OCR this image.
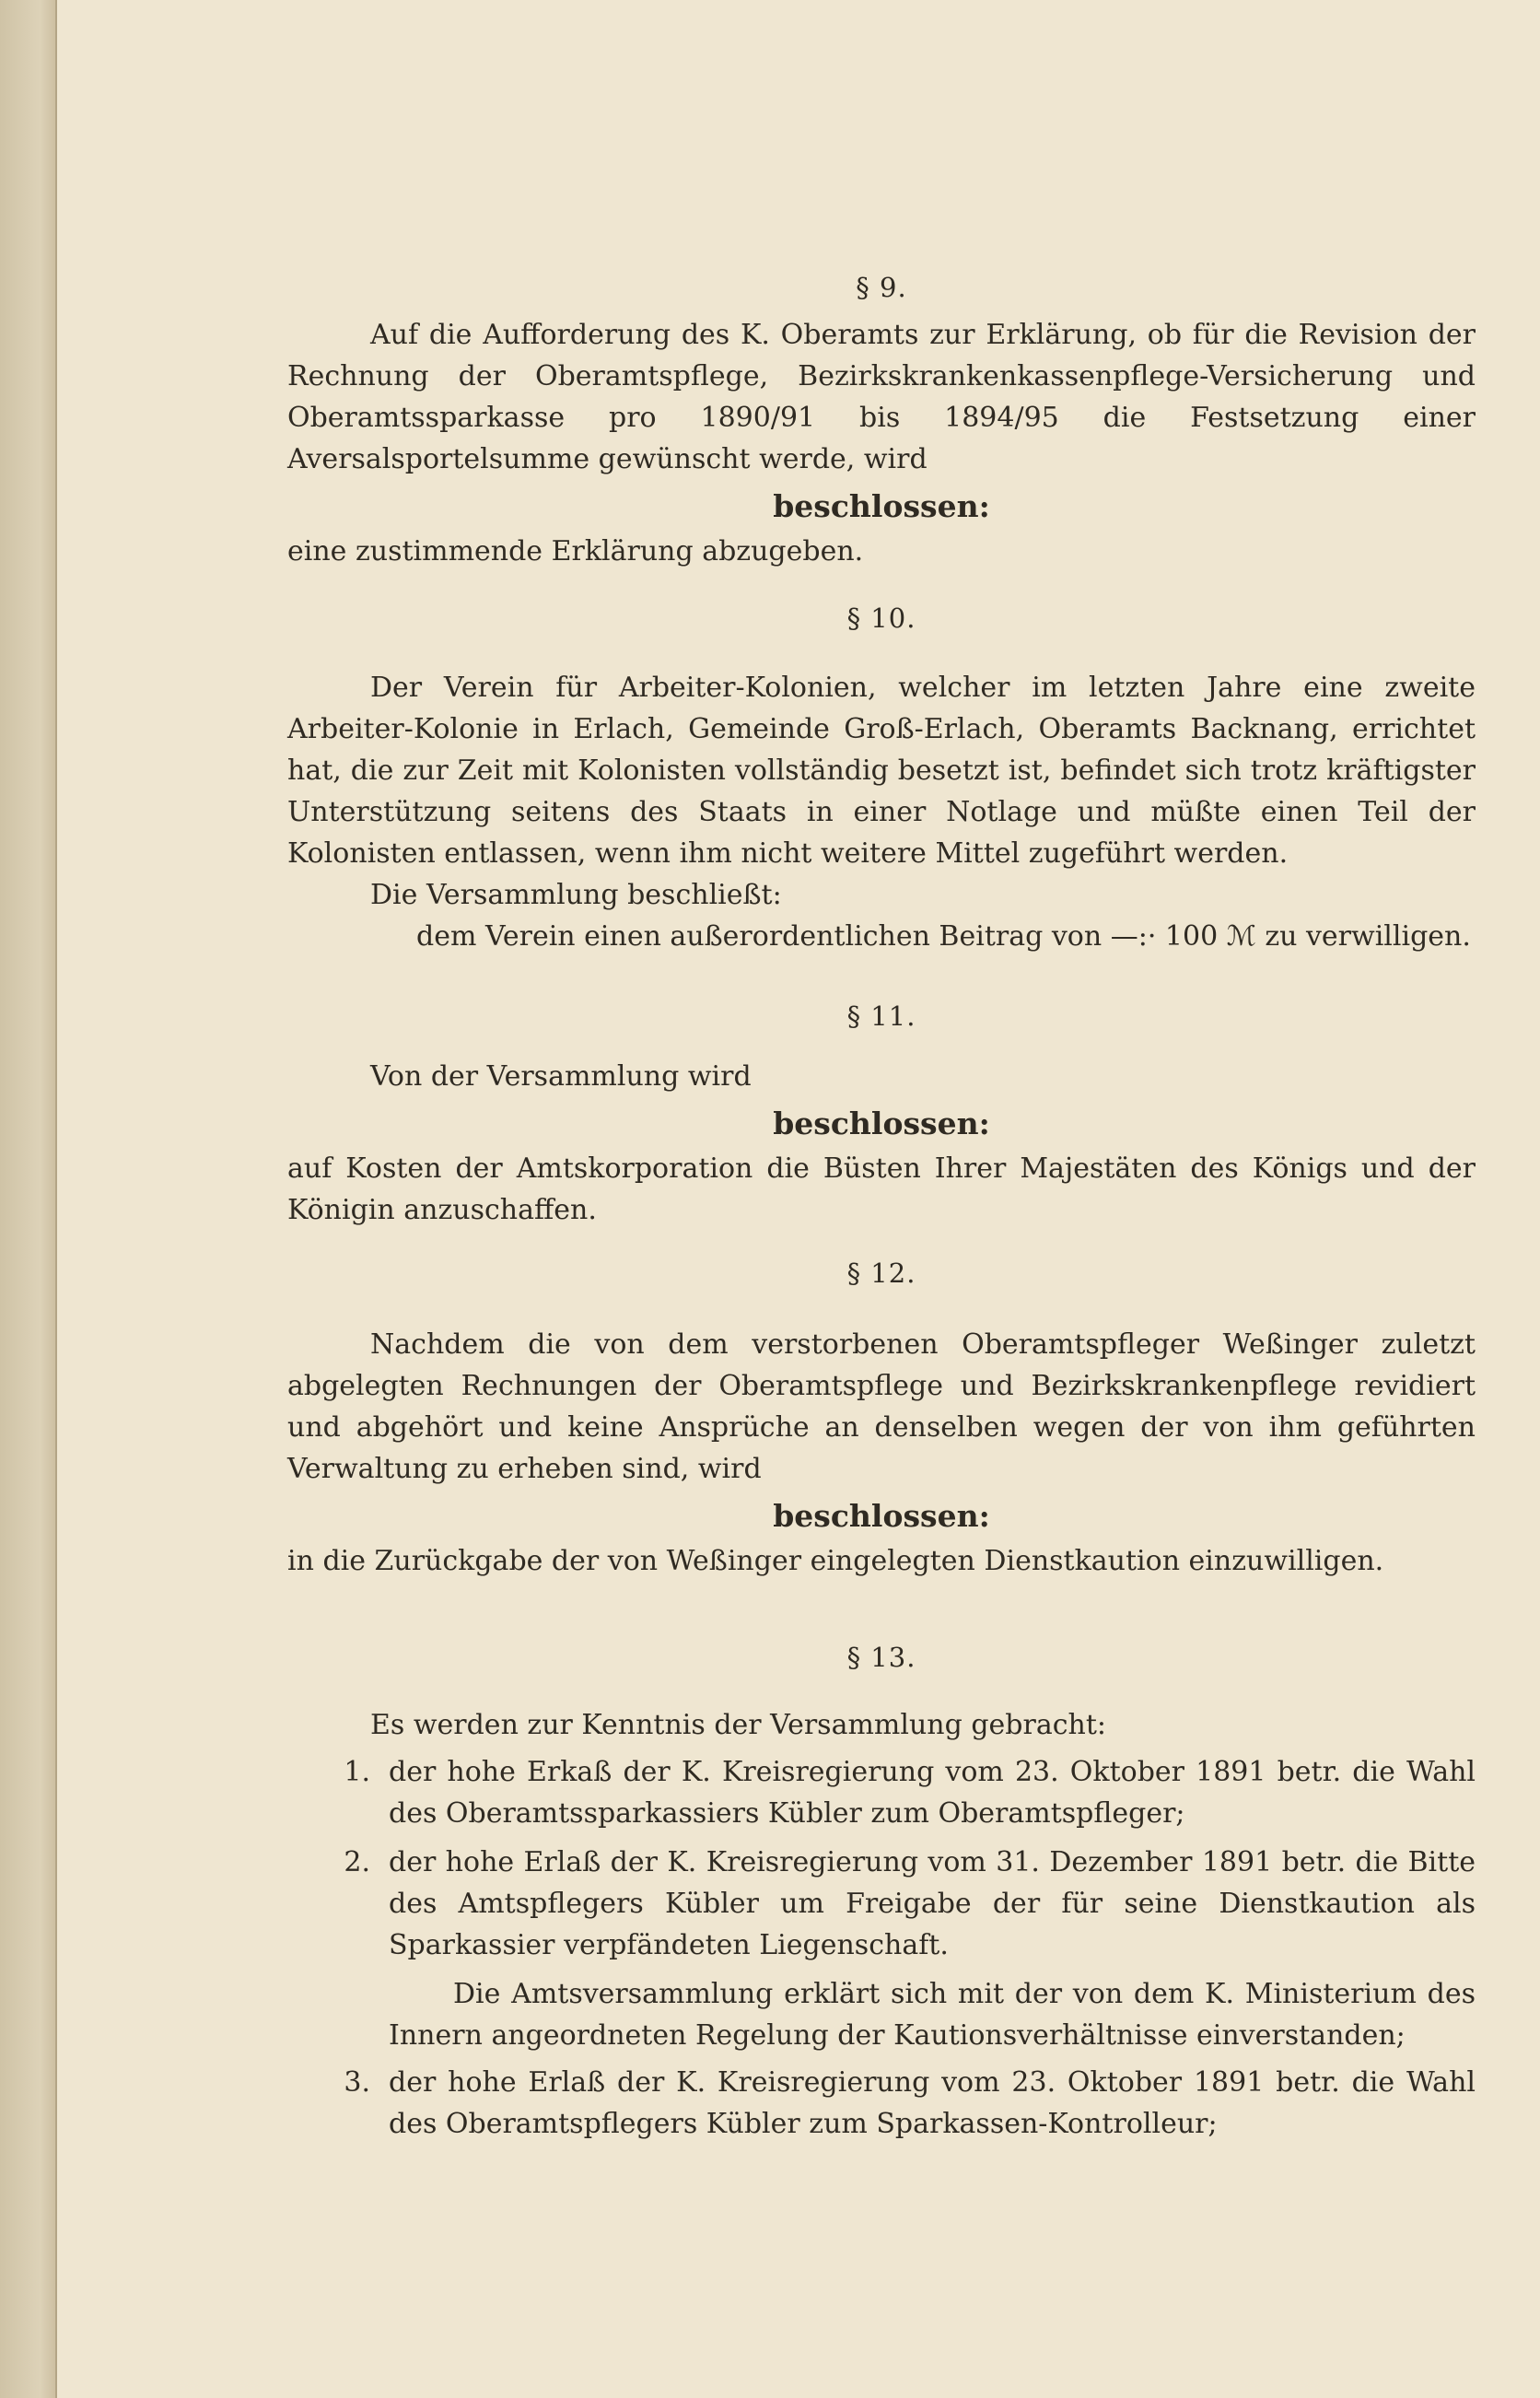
§ 9.

Auf die Aufforderung des K. Oberamts zur Erklärung, ob für die Revision der Rechnung der Oberamtspflege, Bezirkskrankenkassenpflege-Versicherung und Oberamtssparkasse pro 1890/91 bis 1894/95 die Festsetzung einer Aversalsportelsumme gewünscht werde, wird

beschlossen:

eine zustimmende Erklärung abzugeben.

§ 10.

Der Verein für Arbeiter-Kolonien, welcher im letzten Jahre eine zweite Arbeiter-Kolonie in Erlach, Gemeinde Groß-Erlach, Oberamts Backnang, errichtet hat, die zur Zeit mit Kolonisten vollständig besetzt ist, befindet sich trotz kräftigster Unterstützung seitens des Staats in einer Notlage und müßte einen Teil der Kolonisten entlassen, wenn ihm nicht weitere Mittel zugeführt werden.

Die Versammlung beschließt:

dem Verein einen außerordentlichen Beitrag von —:· 100 ℳ zu verwilligen.

§ 11.

Von der Versammlung wird

beschlossen:

auf Kosten der Amtskorporation die Büsten Ihrer Majestäten des Königs und der Königin anzuschaffen.

§ 12.

Nachdem die von dem verstorbenen Oberamtspfleger Weßinger zuletzt abgelegten Rechnungen der Oberamtspflege und Bezirkskrankenpflege revidiert und abgehört und keine Ansprüche an denselben wegen der von ihm geführten Verwaltung zu erheben sind, wird

beschlossen:

in die Zurückgabe der von Weßinger eingelegten Dienstkaution einzuwilligen.

§ 13.

Es werden zur Kenntnis der Versammlung gebracht:

1. der hohe Erkaß der K. Kreisregierung vom 23. Oktober 1891 betr. die Wahl des Oberamtssparkassiers Kübler zum Oberamtspfleger;
2. der hohe Erlaß der K. Kreisregierung vom 31. Dezember 1891 betr. die Bitte des Amtspflegers Kübler um Freigabe der für seine Dienstkaution als Sparkassier verpfändeten Liegenschaft.

Die Amtsversammlung erklärt sich mit der von dem K. Ministerium des Innern angeordneten Regelung der Kautionsverhältnisse einverstanden;

3. der hohe Erlaß der K. Kreisregierung vom 23. Oktober 1891 betr. die Wahl des Oberamtspflegers Kübler zum Sparkassen-Kontrolleur;
